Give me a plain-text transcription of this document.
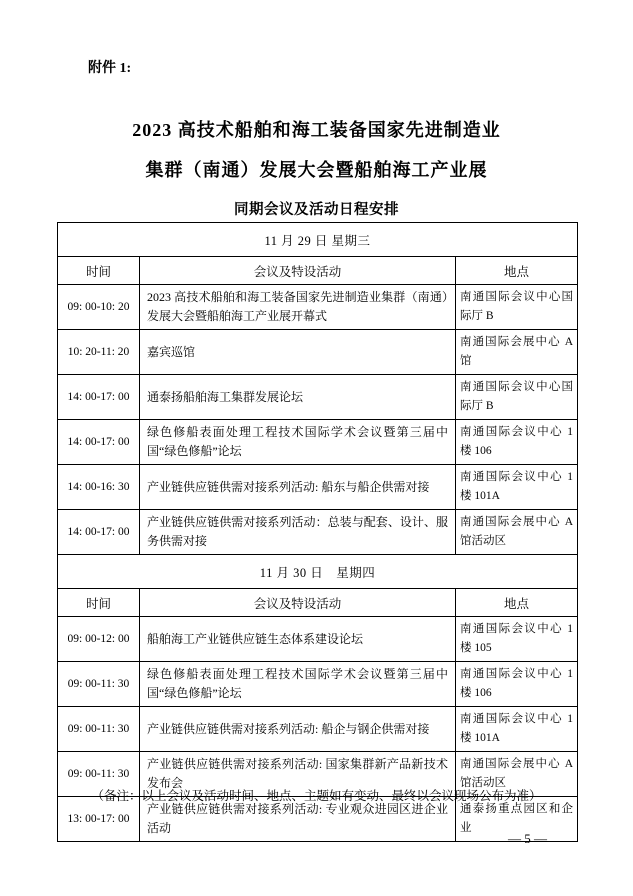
附件 1:
2023 高技术船舶和海工装备国家先进制造业
集群（南通）发展大会暨船舶海工产业展
同期会议及活动日程安排
11 月 29 日 星期三		
时间	会议及特设活动	地点
09: 00-10: 20	2023 高技术船舶和海工装备国家先进制造业集群（南通）发展大会暨船舶海工产业展开幕式	南通国际会议中心国际厅 B
10: 20-11: 20	嘉宾巡馆	南通国际会展中心 A 馆
14: 00-17: 00	通泰扬船舶海工集群发展论坛	南通国际会议中心国际厅 B
14: 00-17: 00	绿色修船表面处理工程技术国际学术会议暨第三届中国“绿色修船”论坛	南通国际会议中心 1 楼 106
14: 00-16: 30	产业链供应链供需对接系列活动: 船东与船企供需对接	南通国际会议中心 1 楼 101A
14: 00-17: 00	产业链供应链供需对接系列活动：总装与配套、设计、服务供需对接	南通国际会展中心 A 馆活动区
11 月 30 日　星期四		
时间	会议及特设活动	地点
09: 00-12: 00	船舶海工产业链供应链生态体系建设论坛	南通国际会议中心 1 楼 105
09: 00-11: 30	绿色修船表面处理工程技术国际学术会议暨第三届中国“绿色修船”论坛	南通国际会议中心 1 楼 106
09: 00-11: 30	产业链供应链供需对接系列活动: 船企与钢企供需对接	南通国际会议中心 1 楼 101A
09: 00-11: 30	产业链供应链供需对接系列活动: 国家集群新产品新技术发布会	南通国际会展中心 A 馆活动区
13: 00-17: 00	产业链供应链供需对接系列活动: 专业观众进园区进企业活动	通泰扬重点园区和企业
（备注：以上会议及活动时间、地点、主题如有变动、最终以会议现场公布为准）
— 5 —
